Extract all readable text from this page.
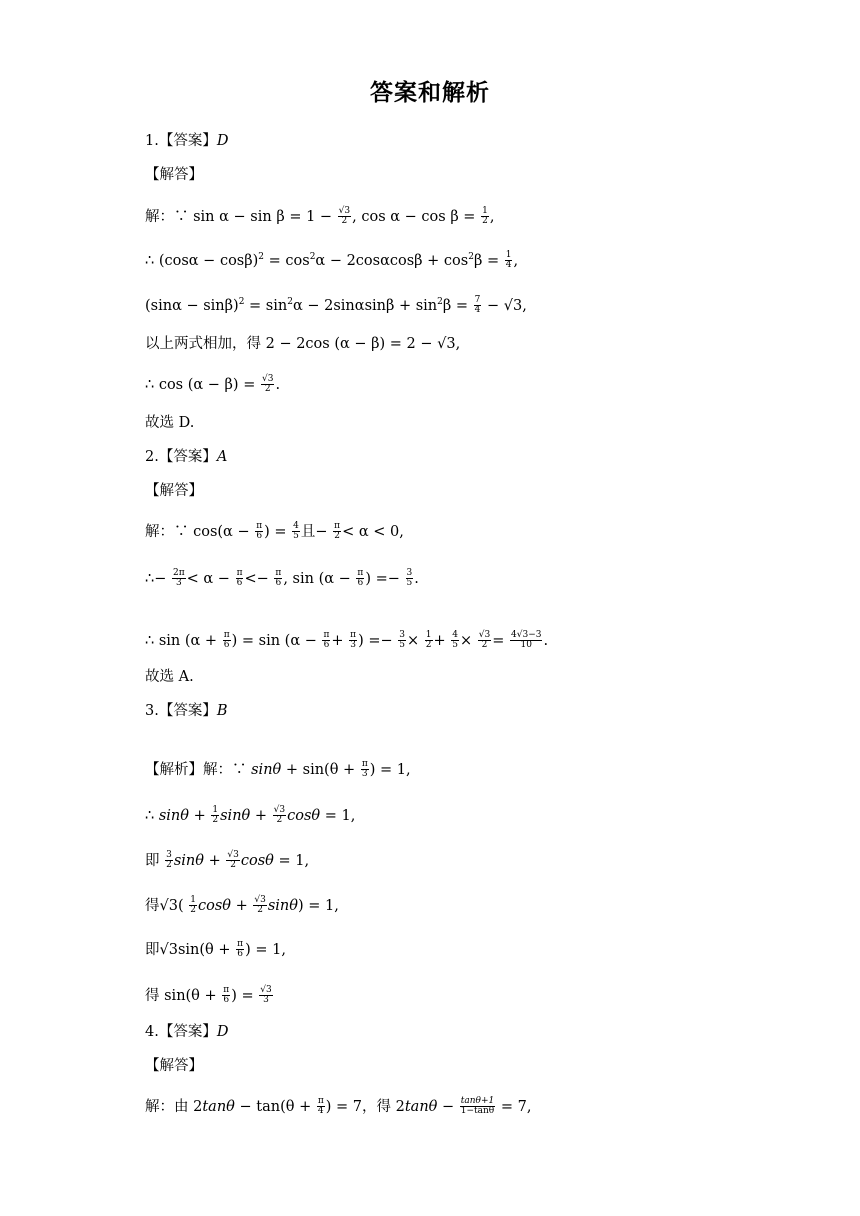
答案和解析
1.【答案】D
【解答】
解：∵ $\sin \alpha - \sin \beta = 1 - \frac{√3}{2}$ , $\cos \alpha - \cos \beta = \frac{1}{2}$ ,
∴ $(\cos\alpha - \cos\beta)^2 = \cos^2\alpha - 2\cos\alpha\cos\beta + \cos^2\beta = \frac{1}{4}$ ,
$(\sin\alpha - \sin\beta)^2 = \sin^2\alpha - 2\sin\alpha\sin\beta + \sin^2\beta = \frac{7}{4} - √3$,
以上两式相加，得 2 − 2cos (α − β) = 2 − √3,
∴ $\cos (\alpha - \beta) = \frac{√3}{2}$ .
故选 D.
2.【答案】A
【解答】
解：∵ $\cos(\alpha - \frac{\pi}{6}$ ) = $\frac{4}{5}$ 且− $\frac{\pi}{2} < \alpha < 0$,
∴− $\frac{2\pi}{3} < \alpha - \frac{\pi}{6} <- \frac{\pi}{6}$ , $\sin (\alpha - \frac{\pi}{6}$ ) =− $\frac{3}{5}$ .
∴ $\sin (\alpha + \frac{\pi}{6}$ ) = $\sin (\alpha - \frac{\pi}{6} + \frac{\pi}{3}$ ) =− $\frac{3}{5} \times \frac{1}{2} + \frac{4}{5} \times \frac{√3}{2} = \frac{4√3-3}{10}$ .
故选 A.
3.【答案】B
【解析】解：∵ $\sin\theta + \sin(\theta + \frac{\pi}{3}$ ) = 1,
∴ $\sin\theta + \frac{1}{2}$ $\sin\theta + \frac{√3}{2}$ cosθ = 1,
即 $\frac{3}{2}$ $\sin\theta + \frac{√3}{2}$ cosθ = 1,
得$√3( \frac{1}{2}$ $\cos\theta + \frac{√3}{2} \sin\theta) = 1$,
即$√3\sin(\theta + \frac{\pi}{6}$ ) = 1,
得 $\sin(\theta + \frac{\pi}{6}$ ) = $\frac{√3}{3}$
4.【答案】D
【解答】
解：由 $2\tan\theta - \tan(\theta + \frac{\pi}{4}$ ) = 7，得 $2\tan\theta - \frac{\tan\theta+1}{1-\tan\theta} = 7$,
